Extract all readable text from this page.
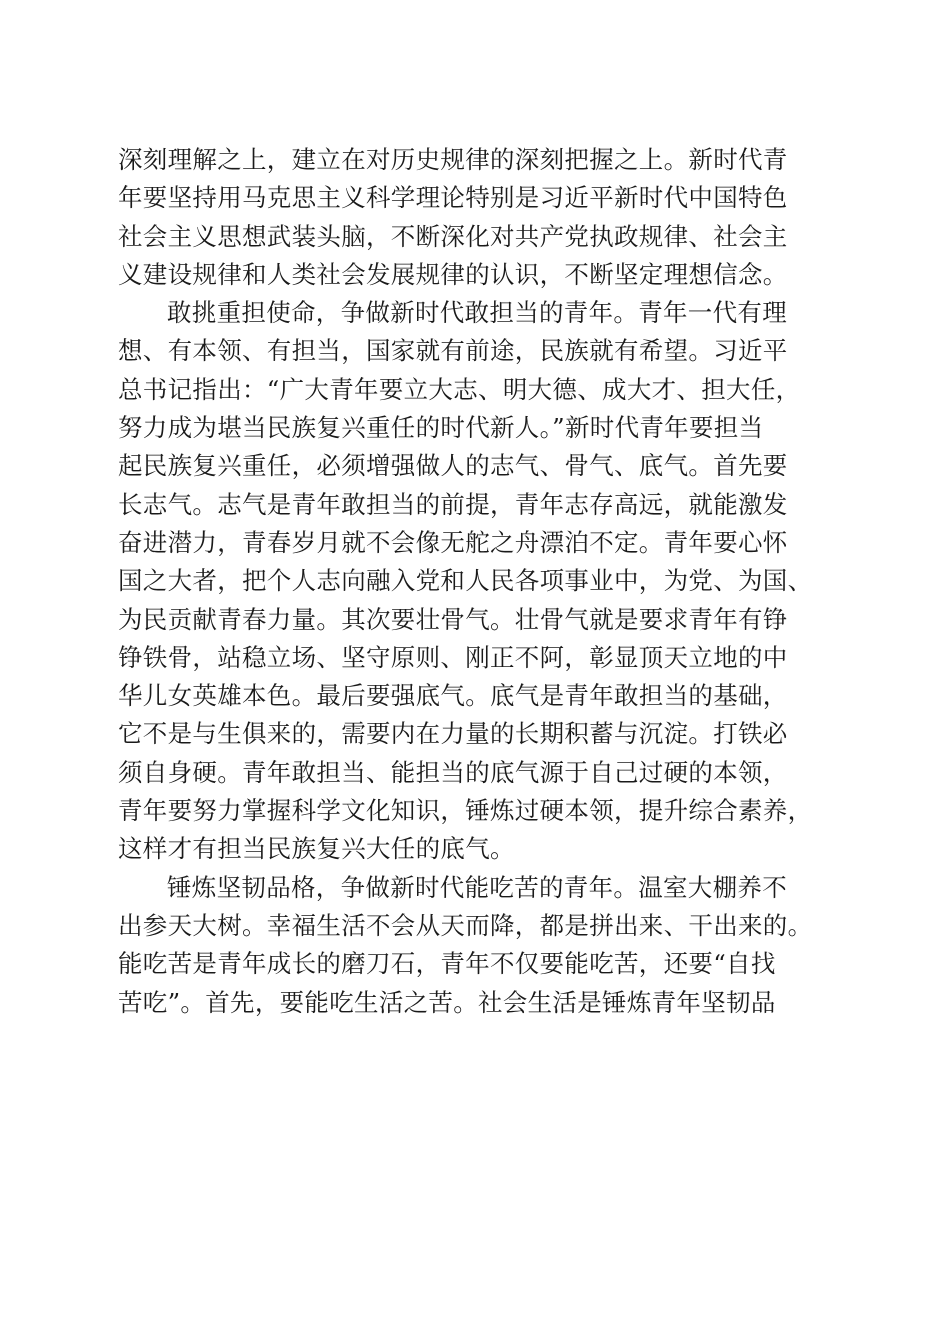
深刻理解之上，建立在对历史规律的深刻把握之上。新时代青
年要坚持用马克思主义科学理论特别是习近平新时代中国特色
社会主义思想武装头脑，不断深化对共产党执政规律、社会主
义建设规律和人类社会发展规律的认识，不断坚定理想信念。
敢挑重担使命，争做新时代敢担当的青年。青年一代有理
想、有本领、有担当，国家就有前途，民族就有希望。习近平
总书记指出：“广大青年要立大志、明大德、成大才、担大任，
努力成为堪当民族复兴重任的时代新人。”新时代青年要担当
起民族复兴重任，必须增强做人的志气、骨气、底气。首先要
长志气。志气是青年敢担当的前提，青年志存高远，就能激发
奋进潜力，青春岁月就不会像无舵之舟漂泊不定。青年要心怀
国之大者，把个人志向融入党和人民各项事业中，为党、为国、
为民贡献青春力量。其次要壮骨气。壮骨气就是要求青年有铮
铮铁骨，站稳立场、坚守原则、刚正不阿，彰显顶天立地的中
华儿女英雄本色。最后要强底气。底气是青年敢担当的基础，
它不是与生俱来的，需要内在力量的长期积蓄与沉淀。打铁必
须自身硬。青年敢担当、能担当的底气源于自己过硬的本领，
青年要努力掌握科学文化知识，锤炼过硬本领，提升综合素养，
这样才有担当民族复兴大任的底气。
锤炼坚韧品格，争做新时代能吃苦的青年。温室大棚养不
出参天大树。幸福生活不会从天而降，都是拼出来、干出来的。
能吃苦是青年成长的磨刀石，青年不仅要能吃苦，还要“自找
苦吃”。首先，要能吃生活之苦。社会生活是锤炼青年坚韧品
